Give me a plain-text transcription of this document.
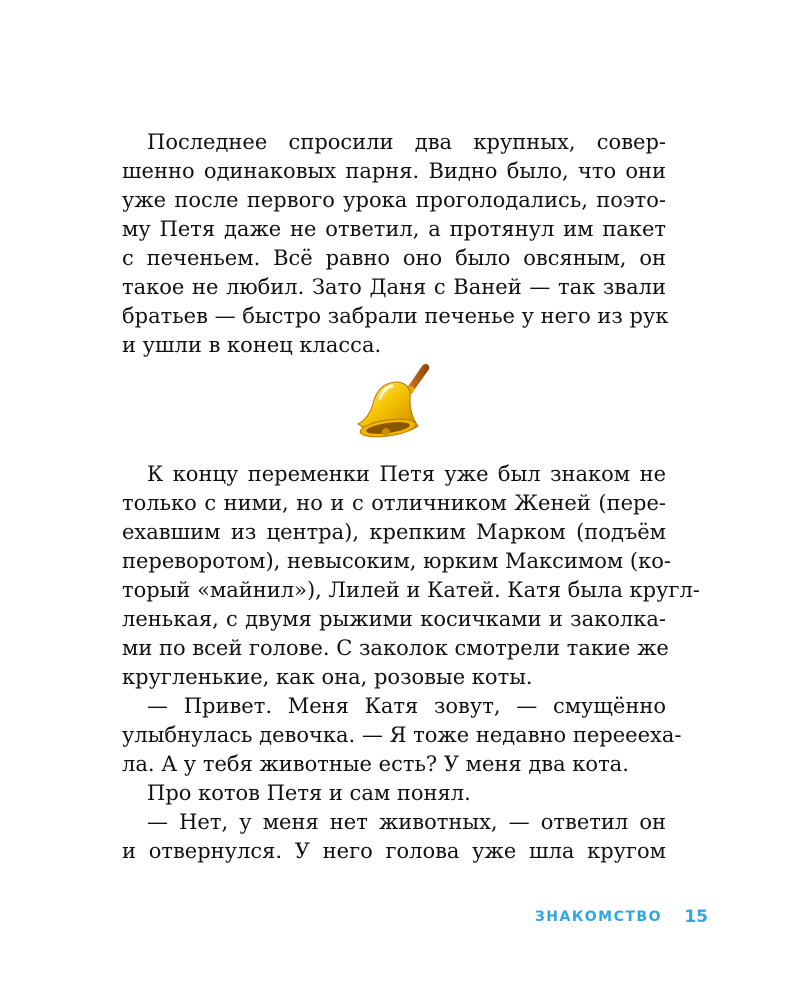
Последнее спросили два крупных, совер-
шенно одинаковых парня. Видно было, что они
уже после первого урока проголодались, поэто-
му Петя даже не ответил, а протянул им пакет
с печеньем. Всё равно оно было овсяным, он
такое не любил. Зато Даня с Ваней — так звали
братьев — быстро забрали печенье у него из рук
и ушли в конец класса.
К концу переменки Петя уже был знаком не
только с ними, но и с отличником Женей (пере-
ехавшим из центра), крепким Марком (подъём
переворотом), невысоким, юрким Максимом (ко-
торый «майнил»), Лилей и Катей. Катя была кругл-
ленькая, с двумя рыжими косичками и заколка-
ми по всей голове. С заколок смотрели такие же
кругленькие, как она, розовые коты.
— Привет. Меня Катя зовут, — смущённо
улыбнулась девочка. — Я тоже недавно переееха-
ла. А у тебя животные есть? У меня два кота.
Про котов Петя и сам понял.
— Нет, у меня нет животных, — ответил он
и отвернулся. У него голова уже шла кругом
ЗНАКОМСТВО 15
